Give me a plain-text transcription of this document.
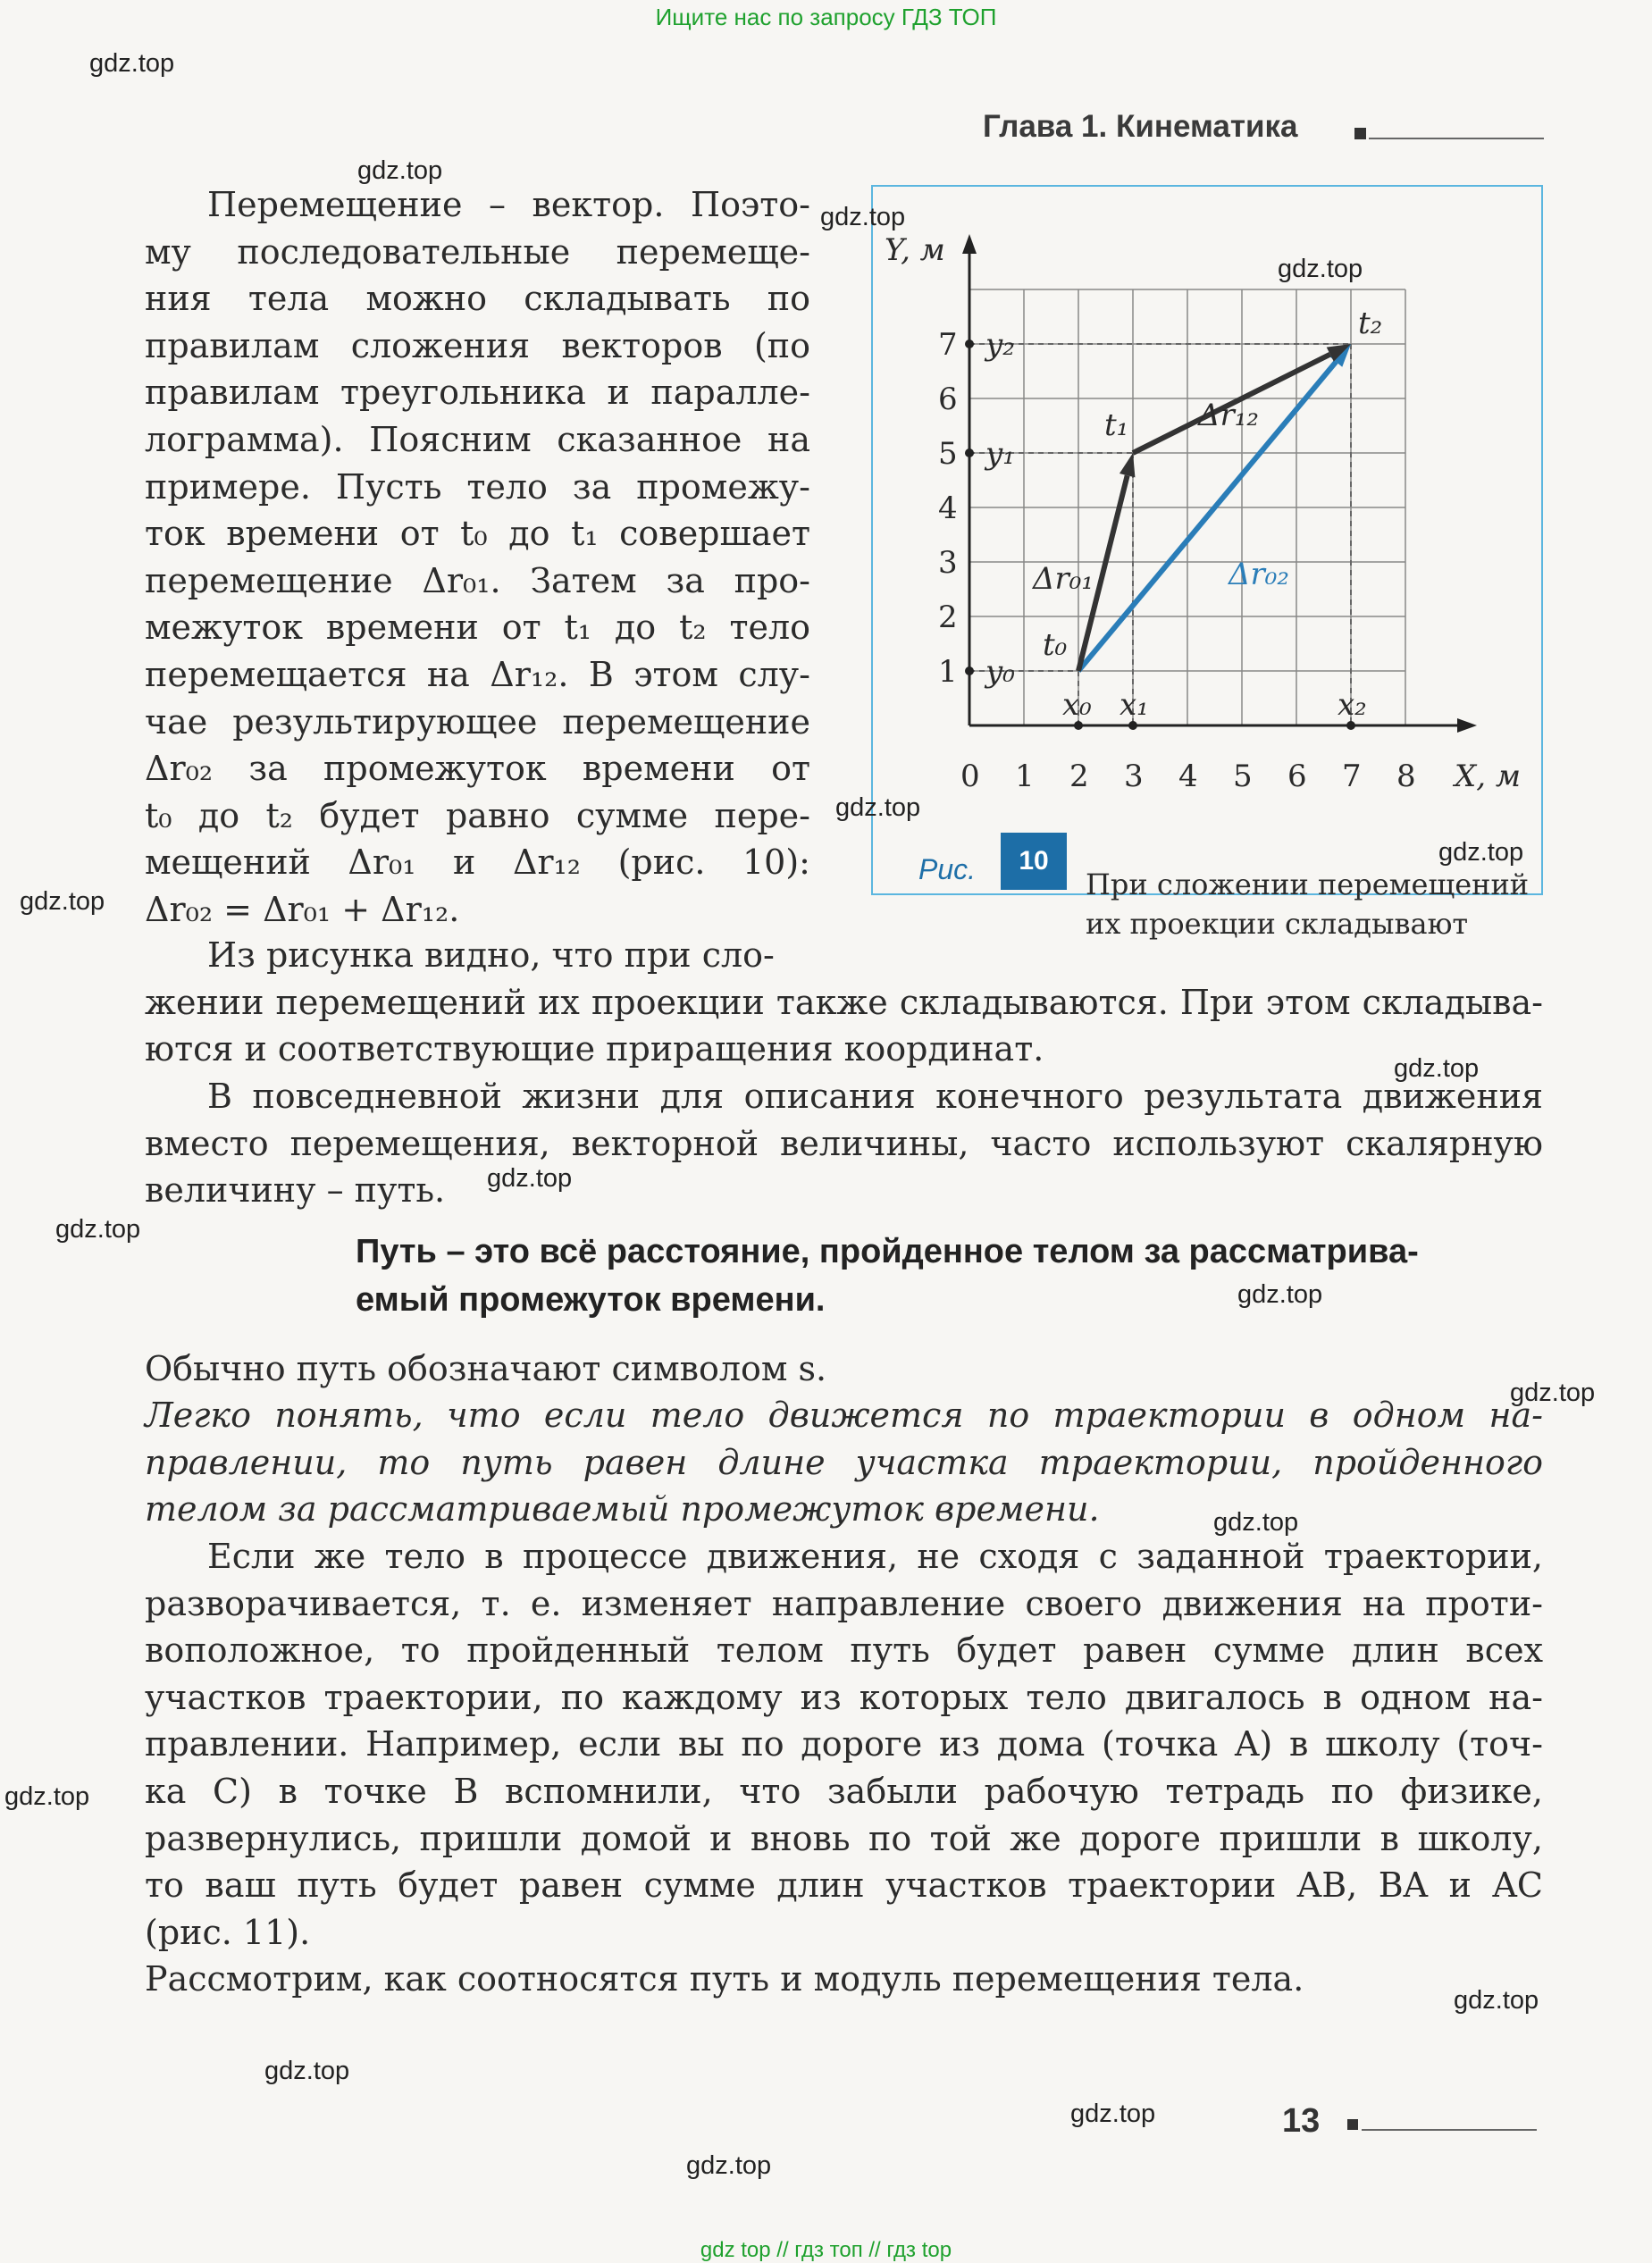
Ищите нас по запросу ГДЗ ТОП
Глава 1. Кинематика
Перемещение – вектор. Поэто-
му последовательные перемеще-
ния тела можно складывать по
правилам сложения векторов (по
правилам треугольника и паралле-
лограмма). Поясним сказанное на
примере. Пусть тело за промежу-
ток времени от t₀ до t₁ совершает
перемещение Δr₀₁. Затем за про-
межуток времени от t₁ до t₂ тело
перемещается на Δr₁₂. В этом слу-
чае результирующее перемещение
Δr₀₂ за промежуток времени от
t₀ до t₂ будет равно сумме пере-
мещений Δr₀₁ и Δr₁₂ (рис. 10):
Δr₀₂ = Δr₀₁ + Δr₁₂.
Y, м
X, м
0 1 2 3 4 5 6 7 8
1
2
3
4
5
6
7 y₂
y₁
y₀
x₀ x₁	x₂
t₀
t₁
t₂
Δr₀₁
Δr₁₂
Δr₀₂
Рис.	10
При сложении перемещений их проекции складывают
Из рисунка видно, что при сло-
жении перемещений их проекции также складываются. При этом складыва-
ются и соответствующие приращения координат.
В повседневной жизни для описания конечного результата движения
вместо перемещения, векторной величины, часто используют скалярную
величину – путь.
Путь – это всё расстояние, пройденное телом за рассматрива-
емый промежуток времени.
Обычно путь обозначают символом s.
Легко понять, что если тело движется по траектории в одном на-
правлении, то путь равен длине участка траектории, пройденного
телом за рассматриваемый промежуток времени.
Если же тело в процессе движения, не сходя с заданной траектории,
разворачивается, т. е. изменяет направление своего движения на проти-
воположное, то пройденный телом путь будет равен сумме длин всех
участков траектории, по каждому из которых тело двигалось в одном на-
правлении. Например, если вы по дороге из дома (точка A) в школу (точ-
ка C) в точке B вспомнили, что забыли рабочую тетрадь по физике,
развернулись, пришли домой и вновь по той же дороге пришли в школу,
то ваш путь будет равен сумме длин участков траектории AB, BA и AC
(рис. 11).
Рассмотрим, как соотносятся путь и модуль перемещения тела.
13
gdz.top
gdz.top
gdz.top
gdz.top
gdz.top
gdz.top
gdz.top
gdz.top
gdz.top
gdz.top
gdz.top
gdz.top
gdz.top
gdz.top
gdz.top
gdz.top
gdz.top
gdz.top
gdz top // гдз топ // гдз top
